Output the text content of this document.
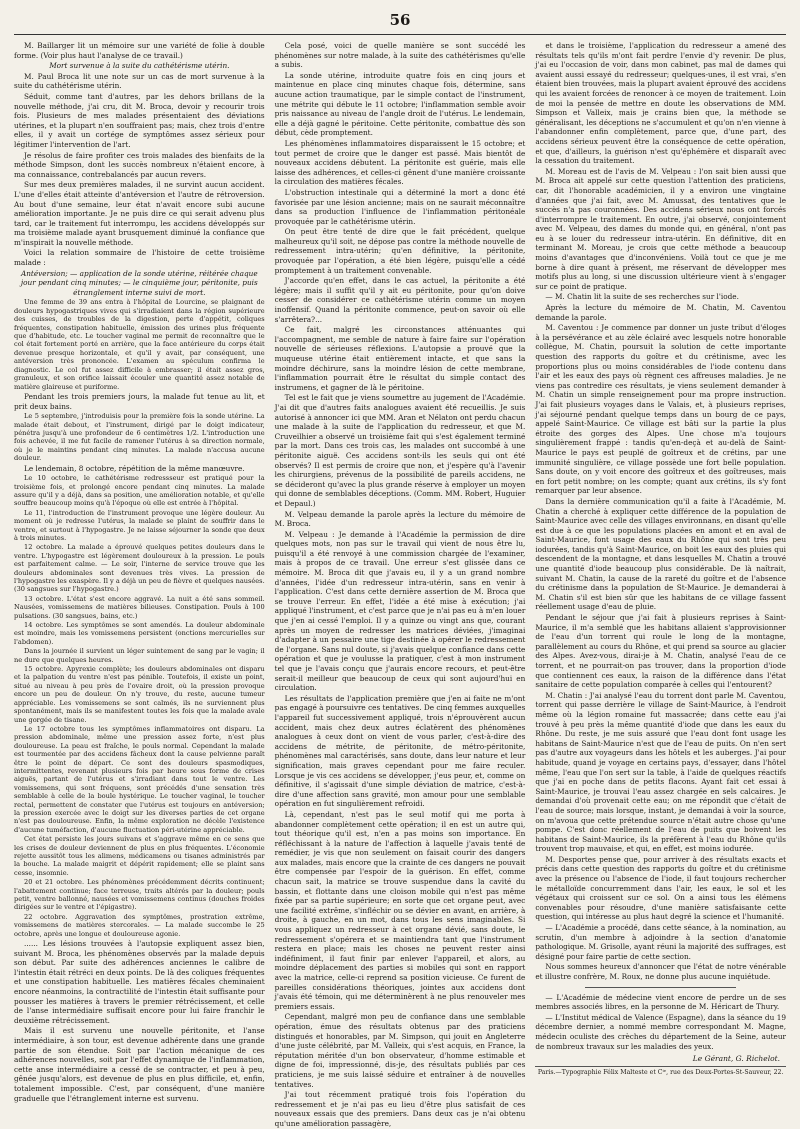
56

M. Baillarger lit un mémoire sur une variété de folie à double forme. (Voir plus haut l'analyse de ce travail.)

Mort survenue à la suite du cathétérisme utérin.

M. Paul Broca lit une note sur un cas de mort survenue à la suite du cathétérisme utérin.

Séduit, comme tant d'autres, par les dehors brillans de la nouvelle méthode, j'ai cru, dit M. Broca, devoir y recourir trois fois. Plusieurs de mes malades présentaient des déviations utérines, et la plupart n'en souffraient pas; mais, chez trois d'entre elles, il y avait un cortége de symptômes assez sérieux pour légitimer l'intervention de l'art.

Je résolus de faire profiter ces trois malades des bienfaits de la méthode Simpson, dont les succès nombreux n'étaient encore, à ma connaissance, contrebalancés par aucun revers.

Sur mes deux premières malades, il ne survint aucun accident. L'une d'elles était atteinte d'antéversion et l'autre de rétroversion. Au bout d'une semaine, leur état n'avait encore subi aucune amélioration importante. Je ne puis dire ce qui serait advenu plus tard, car le traitement fut interrompu, les accidens développés sur ma troisième malade ayant brusquement diminué la confiance que m'inspirait la nouvelle méthode.

Voici la relation sommaire de l'histoire de cette troisième malade :

Antéversion; — application de la sonde utérine, réitérée chaque jour pendant cinq minutes; — le cinquième jour, péritonite, puis étranglement interne suivi de mort.

Une femme de 39 ans entra à l'hôpital de Lourcine, se plaignant de douleurs hypogastriques vives qui s'irradiaient dans la région supérieure des cuisses, de troubles de la digestion, perte d'appétit, coliques fréquentes, constipation habituelle, émission des urines plus fréquente que d'habitude, etc. Le toucher vaginal me permit de reconnaître que le col était fortement porté en arrière, que la face antérieure du corps était devenue presque horizontale, et qu'il y avait, par conséquent, une antéversion très prononcée. L'examen au spéculum confirma le diagnostic. Le col fut assez difficile à embrasser; il était assez gros, granuleux, et son orifice laissait écouler une quantité assez notable de matière glaireuse et puriforme.

Pendant les trois premiers jours, la malade fut tenue au lit, et prit deux bains.

Le 5 septembre, j'introduisis pour la première fois la sonde utérine. La malade était debout, et l'instrument, dirigé par le doigt indicateur, pénétra jusqu'à une profondeur de 6 centimètres 1/2. L'introduction une fois achevée, il me fut facile de ramener l'utérus à sa direction normale, où je le maintins pendant cinq minutes. La malade n'accusa aucune douleur.

Le lendemain, 8 octobre, répétition de la même manœuvre.

Le 10 octobre, le cathétérisme redressseur est pratiqué pour la troisième fois, et prolongé encore pendant cinq minutes. La malade assure qu'il y a déjà, dans sa position, une amélioration notable, et qu'elle souffre beaucoup moins qu'à l'époque où elle est entrée à l'hôpital.

Le 11, l'introduction de l'instrument provoque une légère douleur. Au moment où je redresse l'utérus, la malade se plaint de souffrir dans le ventre, et surtout à l'hypogastre. Je ne laisse séjourner la sonde que deux à trois minutes.

12 octobre. La malade a éprouvé quelques petites douleurs dans le ventre. L'hypogastre est légèrement douloureux à la pression. Le pouls est parfaitement calme. — Le soir, l'interne de service trouve que les douleurs abdominales sont devenues très vives. La pression de l'hypogastre les exaspère. Il y a déjà un peu de fièvre et quelques nausées. (30 sangsues sur l'hypogastre.)

13 octobre. L'état s'est encore aggravé. La nuit a été sans sommeil. Nausées, vomissemens de matières bilieuses. Constipation. Pouls à 100 pulsations. (30 sangsues, bains, etc.)

14 octobre. Les symptômes se sont amendés. La douleur abdominale est moindre, mais les vomissemens persistent (onctions mercurielles sur l'abdomen).

Dans la journée il survient un léger suintement de sang par le vagin; il ne dure que quelques heures.

15 octobre. Apyrexie complète; les douleurs abdominales ont disparu et la palpation du ventre n'est pas pénible. Toutefois, il existe un point, situé au niveau à peu près de l'ovaire droit, où la pression provoque encore un peu de douleur. On n'y trouve, du reste, aucune tumeur appréciable. Les vomissemens se sont calmés, ils ne surviennent plus spontanément, mais ils se manifestent toutes les fois que la malade avale une gorgée de tisane.

Le 17 octobre tous les symptômes inflammatoires ont disparu. La pression abdominale, même une pression assez forte, n'est plus douloureuse. La peau est fraîche, le pouls normal. Cependant la malade est tourmentée par des accidens fâcheux dont la cause pelvienne paraît être le point de départ. Ce sont des douleurs spasmodiques, intermittentes, revenant plusieurs fois par heure sous forme de crises aiguës, partant de l'utérus et s'irradiant dans tout le ventre. Les vomissemens, qui sont fréquens, sont précédés d'une sensation très semblable à celle de la boule hystérique. Le toucher vaginal, le toucher rectal, permettent de constater que l'utérus est toujours en antéversion; la pression exercée avec le doigt sur les diverses parties de cet organe n'est pas douloureuse. Enfin, la même exploration ne décèle l'existence d'aucune tuméfaction, d'aucune fluctuation péri-utérine appréciable.

Cet état persiste les jours suivans et s'aggrave même en ce sens que les crises de douleur deviennent de plus en plus fréquentes. L'économie rejette aussitôt tous les alimens, médicamens ou tisanes administrés par la bouche. La malade maigrit et dépérit rapidement; elle se plaint sans cesse, insomnie.

20 et 21 octobre. Les phénomènes précédemment décrits continuent; l'abattement continue; face terreuse, traits altérés par la douleur; pouls petit, ventre ballonné, nausées et vomissemens continus (douches froides dirigées sur le ventre et l'épigastre).

22 octobre. Aggravation des symptômes, prostration extrême, vomissemens de matières stercorales. — La malade succombe le 25 octobre, après une longue et douloureuse agonie.

...... Les lésions trouvées à l'autopsie expliquent assez bien, suivant M. Broca, les phénomènes observés par la malade depuis son début. Par suite des adhérences anciennes le calibre de l'intestin était rétréci en deux points. De là des coliques fréquentes et une constipation habituelle. Les matières fécales cheminaient encore néanmoins, la contractilité de l'intestin était suffisante pour pousser les matières à travers le premier rétrécissement, et celle de l'anse intermédiaire suffisait encore pour lui faire franchir le deuxième rétrécissement.

Mais il est survenu une nouvelle péritonite, et l'anse intermédiaire, à son tour, est devenue adhérente dans une grande partie de son étendue. Soit par l'action mécanique de ces adhérences nouvelles, soit par l'effet dynamique de l'inflammation, cette anse intermédiaire a cessé de se contracter, et peu à peu, gênée jusqu'alors, est devenue de plus en plus difficile, et, enfin, totalement impossible. C'est, par conséquent, d'une manière graduelle que l'étranglement interne est survenu.

Cela posé, voici de quelle manière se sont succédé les phénomènes sur notre malade, à la suite des cathétérismes qu'elle a subis.

La sonde utérine, introduite quatre fois en cinq jours et maintenue en place cinq minutes chaque fois, détermine, sans aucune action traumatique, par le simple contact de l'instrument, une métrite qui débute le 11 octobre; l'inflammation semble avoir pris naissance au niveau de l'angle droit de l'utérus. Le lendemain, elle a déjà gagné le péritoine. Cette péritonite, combattue dès son début, cède promptement.

Les phénomènes inflammatoires disparaissent le 15 octobre; et tout permet de croire que le danger est passé. Mais bientôt de nouveaux accidens débutent. La péritonite est guérie, mais elle laisse des adhérences, et celles-ci gênent d'une manière croissante la circulation des matières fécales.

L'obstruction intestinale qui a déterminé la mort a donc été favorisée par une lésion ancienne; mais on ne saurait méconnaître dans sa production l'influence de l'inflammation péritonéale provoquée par le cathétérisme utérin.

On peut être tenté de dire que le fait précédent, quelque malheureux qu'il soit, ne dépose pas contre la méthode nouvelle de redressement intra-utérin; qu'en définitive, la péritonite, provoquée par l'opération, a été bien légère, puisqu'elle a cédé promptement à un traitement convenable.

J'accorde qu'en effet, dans le cas actuel, la péritonite a été légère; mais il suffit qu'il y ait eu péritonite, pour qu'on doive cesser de considérer ce cathétérisme utérin comme un moyen inoffensif. Quand la péritonite commence, peut-on savoir où elle s'arrêtera?...

Ce fait, malgré les circonstances atténuantes qui l'accompagnent, me semble de nature à faire faire sur l'opération nouvelle de sérieuses réflexions. L'autopsie a prouvé que la muqueuse utérine était entièrement intacte, et que sans la moindre déchirure, sans la moindre lésion de cette membrane, l'inflammation pourrait être le résultat du simple contact des instrumens, et gagner de là le péritoine.

Tel est le fait que je viens soumettre au jugement de l'Académie. J'ai dit que d'autres faits analogues avaient été recueillis. Je suis autorisé à annoncer ici que MM. Aran et Nélaton ont perdu chacun une malade à la suite de l'application du redresseur, et que M. Cruveilhier a observé un troisième fait qui s'est également terminé par la mort. Dans ces trois cas, les malades ont succombé à une péritonite aiguë. Ces accidens sont-ils les seuls qui ont été observés? Il est permis de croire que non, et j'espère qu'à l'avenir les chirurgiens, prévenus de la possibilité de pareils accidens, ne se décideront qu'avec la plus grande réserve à employer un moyen qui donne de semblables déceptions. (Comm. MM. Robert, Huguier et Depaul.)

M. Velpeau demande la parole après la lecture du mémoire de M. Broca.

M. Velpeau : Je demande à l'Académie la permission de dire quelques mots, non pas sur le travail qui vient de nous être lu, puisqu'il a été renvoyé à une commission chargée de l'examiner, mais à propos de ce travail. Une erreur s'est glissée dans ce mémoire. M. Broca dit que j'avais eu, il y a un grand nombre d'années, l'idée d'un redresseur intra-utérin, sans en venir à l'application. C'est dans cette dernière assertion de M. Broca que se trouve l'erreur. En effet, l'idée a été mise à exécution; j'ai appliqué l'instrument, et c'est parce que je n'ai pas eu à m'en louer que j'en ai cessé l'emploi. Il y a quinze ou vingt ans que, courant après un moyen de redresser les matrices déviées, j'imaginai d'adapter à un pessaire une tige destinée à opérer le redressement de l'organe. Sans nul doute, si j'avais quelque confiance dans cette opération et que je voulusse la pratiquer, c'est à mon instrument tel que je l'avais conçu que j'aurais encore recours, et peut-être serait-il meilleur que beaucoup de ceux qui sont aujourd'hui en circulation.

Les résultats de l'application première que j'en ai faite ne m'ont pas engagé à poursuivre ces tentatives. De cinq femmes auxquelles l'appareil fut successivement appliqué, trois n'éprouvèrent aucun accident, mais chez deux autres éclatèrent des phénomènes analogues à ceux dont on vient de vous parler, c'est-à-dire des accidens de métrite, de péritonite, de métro-péritonite, phénomènes mal caractérisés, sans doute, dans leur nature et leur signification, mais graves cependant pour me faire reculer. Lorsque je vis ces accidens se développer, j'eus peur, et, comme on définitive, il s'agissait d'une simple déviation de matrice, c'est-à-dire d'une affection sans gravité, mon amour pour une semblable opération en fut singulièrement refroidi.

Là, cependant, n'est pas le seul motif qui me porta à abandonner complètement cette opération; il en est un autre qui, tout théorique qu'il est, n'en a pas moins son importance. En réfléchissant à la nature de l'affection à laquelle j'avais tenté de remédier, je vis que non seulement on faisait courir des dangers aux malades, mais encore que la crainte de ces dangers ne pouvait être compensée par l'espoir de la guérison. En effet, comme chacun sait, la matrice se trouve suspendue dans la cavité du bassin, et flottante dans une cloison mobile qui n'est pas même fixée par sa partie supérieure; en sorte que cet organe peut, avec une facilité extrême, s'infléchir ou se dévier en avant, en arrière, à droite, à gauche, en un mot, dans tous les sens imaginables. Si vous appliquez un redresseur à cet organe dévié, sans doute, le redressement s'opérera et se maintiendra tant que l'instrument restera en place; mais les choses ne peuvent rester ainsi indéfiniment, il faut finir par enlever l'appareil, et alors, au moindre déplacement des parties si mobiles qui sont en rapport avec la matrice, celle-ci reprend sa position vicieuse. Ce furent de pareilles considérations théoriques, jointes aux accidens dont j'avais été témoin, qui me déterminèrent à ne plus renouveler mes premiers essais.

Cependant, malgré mon peu de confiance dans une semblable opération, émue des résultats obtenus par des praticiens distingués et honorables, par M. Simpson, qui jouit en Angleterre d'une juste célébrité, par M. Valleix, qui s'est acquis, en France, la réputation méritée d'un bon observateur, d'homme estimable et digne de foi, impressionné, dis-je, des résultats publiés par ces praticiens, je me suis laissé séduire et entraîner à de nouvelles tentatives.

J'ai tout récemment pratiqué trois fois l'opération du redressement et je n'ai pas eu lieu d'être plus satisfait de ces nouveaux essais que des premiers. Dans deux cas je n'ai obtenu qu'une amélioration passagère,

et dans le troisième, l'application du redresseur a amené des résultats tels qu'ils m'ont fait perdre l'envie d'y revenir. De plus, j'ai eu l'occasion de voir, dans mon cabinet, pas mal de dames qui avaient aussi essayé du redresseur; quelques-unes, il est vrai, s'en étaient bien trouvées, mais la plupart avaient éprouvé des accidens qui les avaient forcées de renoncer à ce moyen de traitement. Loin de moi la pensée de mettre en doute les observations de MM. Simpson et Valleix, mais je crains bien que, la méthode se généralisant, les déceptions ne s'accumulent et qu'on n'en vienne à l'abandonner enfin complètement, parce que, d'une part, des accidens sérieux peuvent être la conséquence de cette opération, et que, d'ailleurs, la guérison n'est qu'éphémère et disparaît avec la cessation du traitement.

M. Moreau est de l'avis de M. Velpeau : l'on sait bien aussi que M. Broca ait appelé sur cette question l'attention des praticiens, car, dit l'honorable académicien, il y a environ une vingtaine d'années que j'ai fait, avec M. Amussat, des tentatives que le succès n'a pas couronnées. Des accidens sérieux nous ont forcés d'interrompre le traitement. En outre, j'ai observé, conjointement avec M. Velpeau, des dames du monde qui, en général, n'ont pas eu à se louer du redresseur intra-utérin. En définitive, dit en terminant M. Moreau, je crois que cette méthode a beaucoup moins d'avantages que d'inconvéniens. Voilà tout ce que je me borne à dire quant à présent, me réservant de développer mes motifs plus au long, si une discussion ultérieure vient à s'engager sur ce point de pratique.

— M. Chatin lit la suite de ses recherches sur l'iode.

Après la lecture du mémoire de M. Chatin, M. Caventou demande la parole.

M. Caventou : Je commence par donner un juste tribut d'éloges à la persévérance et au zèle éclairé avec lesquels notre honorable collègue, M. Chatin, poursuit la solution de cette importante question des rapports du goître et du crétinisme, avec les proportions plus ou moins considérables de l'iode contenu dans l'air et les eaux des pays où règnent ces affreuses maladies. Je ne viens pas contredire ces résultats, je viens seulement demander à M. Chatin un simple renseignement pour ma propre instruction. J'ai fait plusieurs voyages dans le Valais, et, à plusieurs reprises, j'ai séjourné pendant quelque temps dans un bourg de ce pays, appelé Saint-Maurice. Ce village est bâti sur la partie la plus étroite des gorges des Alpes. Une chose m'a toujours singulièrement frappé : tandis qu'en-deçà et au-delà de Saint-Maurice le pays est peuplé de goîtreux et de crétins, par une immunité singulière, ce village possède une fort belle population. Sans doute, on y voit encore des goîtreux et des goîtreuses, mais en fort petit nombre; on les compte; quant aux crétins, ils s'y font remarquer par leur absence.

Dans la dernière communication qu'il a faite à l'Académie, M. Chatin a cherché à expliquer cette différence de la population de Saint-Maurice avec celle des villages environnans, en disant qu'elle est due à ce que les populations placées en amont et en aval de Saint-Maurice, font usage des eaux du Rhône qui sont très peu iodurées, tandis qu'à Saint-Maurice, on boit les eaux des pluies qui descendent de la montagne, et dans lesquelles M. Chatin a trouvé une quantité d'iode beaucoup plus considérable. De là naîtrait, suivant M. Chatin, la cause de la rareté du goître et de l'absence du crétinisme dans la population de St-Maurice. Je demanderai à M. Chatin s'il est bien sûr que les habitans de ce village fassent réellement usage d'eau de pluie.

Pendant le séjour que j'ai fait à plusieurs reprises à Saint-Maurice, il m'a semblé que les habitans allaient s'approvisionner de l'eau d'un torrent qui roule le long de la montagne, parallèlement au cours du Rhône, et qui prend sa source au glacier des Alpes. Avez-vous, dirai-je à M. Chatin, analysé l'eau de ce torrent, et ne pourrait-on pas trouver, dans la proportion d'iode que contiennent ces eaux, la raison de la différence dans l'état sanitaire de cette population comparée à celles qui l'entourent?

M. Chatin : J'ai analysé l'eau du torrent dont parle M. Caventou, torrent qui passe derrière le village de Saint-Maurice, à l'endroit même où la légion romaine fut massacrée; dans cette eau j'ai trouvé à peu près la même quantité d'iode que dans les eaux du Rhône. Du reste, je me suis assuré que l'eau dont font usage les habitans de Saint-Maurice n'est que de l'eau de puits. On n'en sert pas d'autre aux voyageurs dans les hôtels et les auberges. J'ai pour habitude, quand je voyage en certains pays, d'essayer, dans l'hôtel même, l'eau que l'on sert sur la table, à l'aide de quelques réactifs que j'ai en poche dans de petits flacons. Ayant fait cet essai à Saint-Maurice, je trouvai l'eau assez chargée en sels calcaires. Je demandai d'où provenait cette eau; on me répondit que c'était de l'eau de source; mais lorsque, instant, je demandai à voir la source, on m'avoua que cette prétendue source n'était autre chose qu'une pompe. C'est donc réellement de l'eau de puits que boivent les habitans de Saint-Maurice, ils la préfèrent à l'eau du Rhône qu'ils trouvent trop mauvaise, et qui, en effet, est moins iodurée.

M. Desportes pense que, pour arriver à des résultats exacts et précis dans cette question des rapports du goître et du crétinisme avec la présence ou l'absence de l'iode, il faut toujours rechercher le métalloïde concurremment dans l'air, les eaux, le sol et les végétaux qui croissent sur ce sol. On a ainsi tous les élémens convenables pour résoudre, d'une manière satisfaisante cette question, qui intéresse au plus haut degré la science et l'humanité.

— L'Académie a procédé, dans cette séance, à la nomination, au scrutin, d'un membre à adjoindre à la section d'anatomie pathologique. M. Grisolle, ayant réuni la majorité des suffrages, est désigné pour faire partie de cette section.

Nous sommes heureux d'annoncer que l'état de notre vénérable et illustre confrère, M. Roux, ne donne plus aucune inquiétude.

— L'Académie de médecine vient encore de perdre un de ses membres associés libres, en la personne de M. Héricart de Thury.

— L'Institut médical de Valence (Espagne), dans la séance du 19 décembre dernier, a nommé membre correspondant M. Magne, médecin oculiste des crèches du département de la Seine, auteur de nombreux travaux sur les maladies des yeux.

Le Gérant, G. Richelot.
Paris.—Typographie Félix Malteste et Cⁱᵉ, rue des Deux-Portes-St-Sauveur, 22.
